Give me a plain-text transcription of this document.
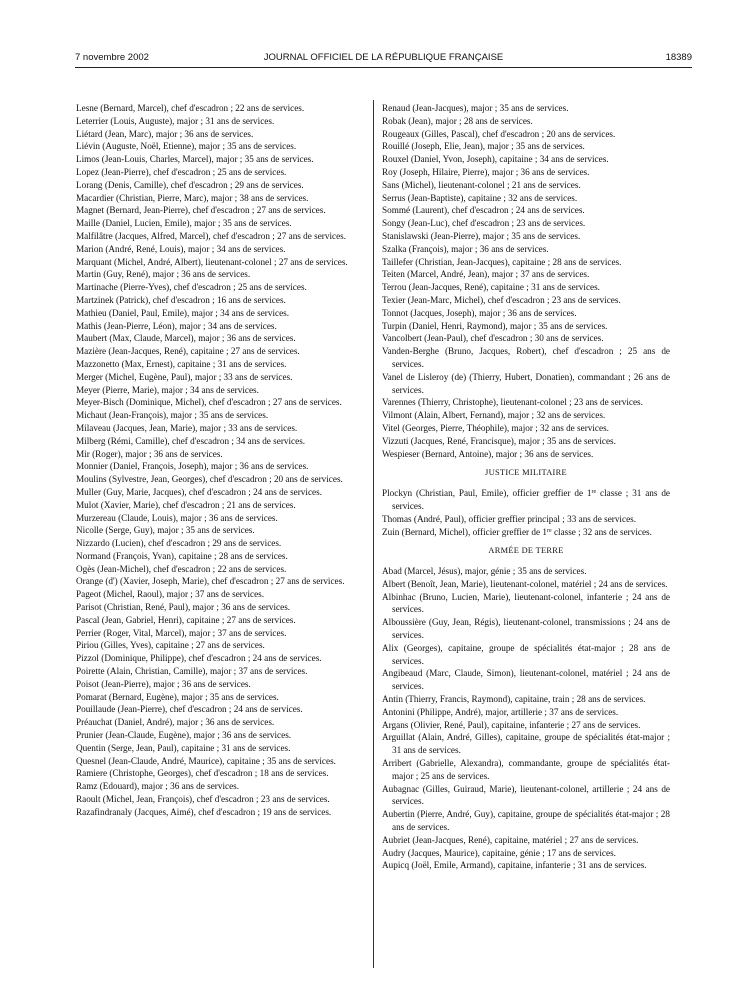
7 novembre 2002	JOURNAL OFFICIEL DE LA RÉPUBLIQUE FRANÇAISE	18389

Lesne (Bernard, Marcel), chef d'escadron ; 22 ans de services.

Leterrier (Louis, Auguste), major ; 31 ans de services.

Liétard (Jean, Marc), major ; 36 ans de services.

Liévin (Auguste, Noël, Etienne), major ; 35 ans de services.

Limos (Jean-Louis, Charles, Marcel), major ; 35 ans de services.

Lopez (Jean-Pierre), chef d'escadron ; 25 ans de services.

Lorang (Denis, Camille), chef d'escadron ; 29 ans de services.

Macardier (Christian, Pierre, Marc), major ; 38 ans de services.

Magnet (Bernard, Jean-Pierre), chef d'escadron ; 27 ans de services.

Maille (Daniel, Lucien, Emile), major ; 35 ans de services.

Malfilâtre (Jacques, Alfred, Marcel), chef d'escadron ; 27 ans de services.

Marion (André, René, Louis), major ; 34 ans de services.

Marquant (Michel, André, Albert), lieutenant-colonel ; 27 ans de services.

Martin (Guy, René), major ; 36 ans de services.

Martinache (Pierre-Yves), chef d'escadron ; 25 ans de services.

Martzinek (Patrick), chef d'escadron ; 16 ans de services.

Mathieu (Daniel, Paul, Emile), major ; 34 ans de services.

Mathis (Jean-Pierre, Léon), major ; 34 ans de services.

Maubert (Max, Claude, Marcel), major ; 36 ans de services.

Mazière (Jean-Jacques, René), capitaine ; 27 ans de services.

Mazzonetto (Max, Ernest), capitaine ; 31 ans de services.

Merger (Michel, Eugène, Paul), major ; 33 ans de services.

Meyer (Pierre, Marie), major ; 34 ans de services.

Meyer-Bisch (Dominique, Michel), chef d'escadron ; 27 ans de services.

Michaut (Jean-François), major ; 35 ans de services.

Milaveau (Jacques, Jean, Marie), major ; 33 ans de services.

Milberg (Rémi, Camille), chef d'escadron ; 34 ans de services.

Mir (Roger), major ; 36 ans de services.

Monnier (Daniel, François, Joseph), major ; 36 ans de services.

Moulins (Sylvestre, Jean, Georges), chef d'escadron ; 20 ans de services.

Muller (Guy, Marie, Jacques), chef d'escadron ; 24 ans de services.

Mulot (Xavier, Marie), chef d'escadron ; 21 ans de services.

Murzereau (Claude, Louis), major ; 36 ans de services.

Nicolle (Serge, Guy), major ; 35 ans de services.

Nizzardo (Lucien), chef d'escadron ; 29 ans de services.

Normand (François, Yvan), capitaine ; 28 ans de services.

Ogès (Jean-Michel), chef d'escadron ; 22 ans de services.

Orange (d') (Xavier, Joseph, Marie), chef d'escadron ; 27 ans de services.

Pageot (Michel, Raoul), major ; 37 ans de services.

Parisot (Christian, René, Paul), major ; 36 ans de services.

Pascal (Jean, Gabriel, Henri), capitaine ; 27 ans de services.

Perrier (Roger, Vital, Marcel), major ; 37 ans de services.

Piriou (Gilles, Yves), capitaine ; 27 ans de services.

Pizzol (Dominique, Philippe), chef d'escadron ; 24 ans de services.

Poirette (Alain, Christian, Camille), major ; 37 ans de services.

Poisot (Jean-Pierre), major ; 36 ans de services.

Pomarat (Bernard, Eugène), major ; 35 ans de services.

Pouillaude (Jean-Pierre), chef d'escadron ; 24 ans de services.

Préauchat (Daniel, André), major ; 36 ans de services.

Prunier (Jean-Claude, Eugène), major ; 36 ans de services.

Quentin (Serge, Jean, Paul), capitaine ; 31 ans de services.

Quesnel (Jean-Claude, André, Maurice), capitaine ; 35 ans de services.

Ramiere (Christophe, Georges), chef d'escadron ; 18 ans de services.

Ramz (Edouard), major ; 36 ans de services.

Raoult (Michel, Jean, François), chef d'escadron ; 23 ans de services.

Razafindranaly (Jacques, Aimé), chef d'escadron ; 19 ans de services.

Renaud (Jean-Jacques), major ; 35 ans de services.

Robak (Jean), major ; 28 ans de services.

Rougeaux (Gilles, Pascal), chef d'escadron ; 20 ans de services.

Rouillé (Joseph, Elie, Jean), major ; 35 ans de services.

Rouxel (Daniel, Yvon, Joseph), capitaine ; 34 ans de services.

Roy (Joseph, Hilaire, Pierre), major ; 36 ans de services.

Sans (Michel), lieutenant-colonel ; 21 ans de services.

Serrus (Jean-Baptiste), capitaine ; 32 ans de services.

Sommé (Laurent), chef d'escadron ; 24 ans de services.

Songy (Jean-Luc), chef d'escadron ; 23 ans de services.

Stanislawski (Jean-Pierre), major ; 35 ans de services.

Szalka (François), major ; 36 ans de services.

Taillefer (Christian, Jean-Jacques), capitaine ; 28 ans de services.

Teiten (Marcel, André, Jean), major ; 37 ans de services.

Terrou (Jean-Jacques, René), capitaine ; 31 ans de services.

Texier (Jean-Marc, Michel), chef d'escadron ; 23 ans de services.

Tonnot (Jacques, Joseph), major ; 36 ans de services.

Turpin (Daniel, Henri, Raymond), major ; 35 ans de services.

Vancolbert (Jean-Paul), chef d'escadron ; 30 ans de services.

Vanden-Berghe (Bruno, Jacques, Robert), chef d'escadron ; 25 ans de services.

Vanel de Lisleroy (de) (Thierry, Hubert, Donatien), commandant ; 26 ans de services.

Varennes (Thierry, Christophe), lieutenant-colonel ; 23 ans de services.

Vilmont (Alain, Albert, Fernand), major ; 32 ans de services.

Vitel (Georges, Pierre, Théophile), major ; 32 ans de services.

Vizzuti (Jacques, René, Francisque), major ; 35 ans de services.

Wespieser (Bernard, Antoine), major ; 36 ans de services.

JUSTICE MILITAIRE

Plockyn (Christian, Paul, Emile), officier greffier de 1re classe ; 31 ans de services.

Thomas (André, Paul), officier greffier principal ; 33 ans de services.

Zuin (Bernard, Michel), officier greffier de 1re classe ; 32 ans de services.

ARMÉE DE TERRE

Abad (Marcel, Jésus), major, génie ; 35 ans de services.

Albert (Benoît, Jean, Marie), lieutenant-colonel, matériel ; 24 ans de services.

Albinhac (Bruno, Lucien, Marie), lieutenant-colonel, infanterie ; 24 ans de services.

Alboussière (Guy, Jean, Régis), lieutenant-colonel, transmissions ; 24 ans de services.

Alix (Georges), capitaine, groupe de spécialités état-major ; 28 ans de services.

Angibeaud (Marc, Claude, Simon), lieutenant-colonel, matériel ; 24 ans de services.

Antin (Thierry, Francis, Raymond), capitaine, train ; 28 ans de services.

Antonini (Philippe, André), major, artillerie ; 37 ans de services.

Argans (Olivier, René, Paul), capitaine, infanterie ; 27 ans de services.

Arguillat (Alain, André, Gilles), capitaine, groupe de spécialités état-major ; 31 ans de services.

Arribert (Gabrielle, Alexandra), commandante, groupe de spécialités état-major ; 25 ans de services.

Aubagnac (Gilles, Guiraud, Marie), lieutenant-colonel, artillerie ; 24 ans de services.

Aubertin (Pierre, André, Guy), capitaine, groupe de spécialités état-major ; 28 ans de services.

Aubriet (Jean-Jacques, René), capitaine, matériel ; 27 ans de services.

Audry (Jacques, Maurice), capitaine, génie ; 17 ans de services.

Aupicq (Joël, Emile, Armand), capitaine, infanterie ; 31 ans de services.
